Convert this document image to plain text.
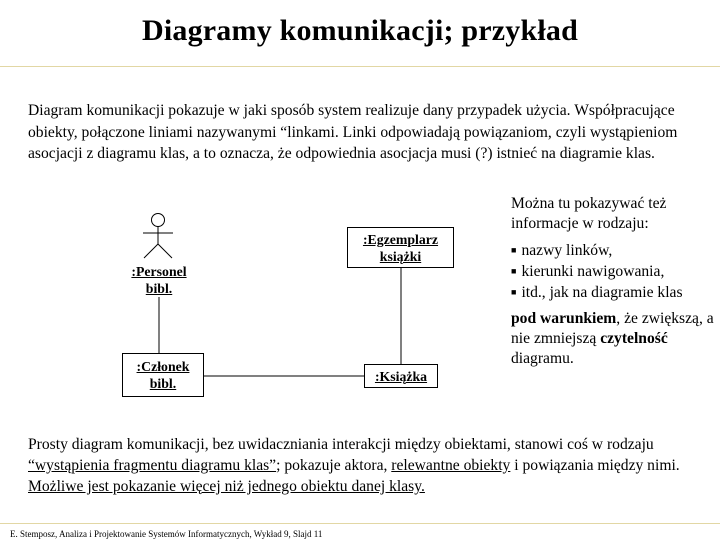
Diagramy komunikacji; przykład
Diagram komunikacji pokazuje w jaki sposób system realizuje dany przypadek użycia. Współpracujące obiekty, połączone liniami nazywanymi “linkami. Linki odpowiadają powiązaniom, czyli wystąpieniom asocjacji z diagramu klas, a to oznacza, że odpowiednia asocjacja musi (?) istnieć na diagramie klas.
:Personel
bibl.
:Członek
bibl.
:Egzemplarz
książki
:Książka

Można tu pokazywać też informacje w rodzaju:

■ nazwy linków,
■ kierunki nawigowania,
■ itd., jak na diagramie klas

pod warunkiem, że zwiększą, a nie zmniejszą czytelność diagramu.

Prosty diagram komunikacji, bez uwidaczniania interakcji między obiektami, stanowi coś w rodzaju “wystąpienia fragmentu diagramu klas”; pokazuje aktora, relewantne obiekty i powiązania między nimi. Możliwe jest pokazanie więcej niż jednego obiektu danej klasy.
E. Stemposz, Analiza i Projektowanie Systemów Informatycznych, Wykład 9, Slajd 11
